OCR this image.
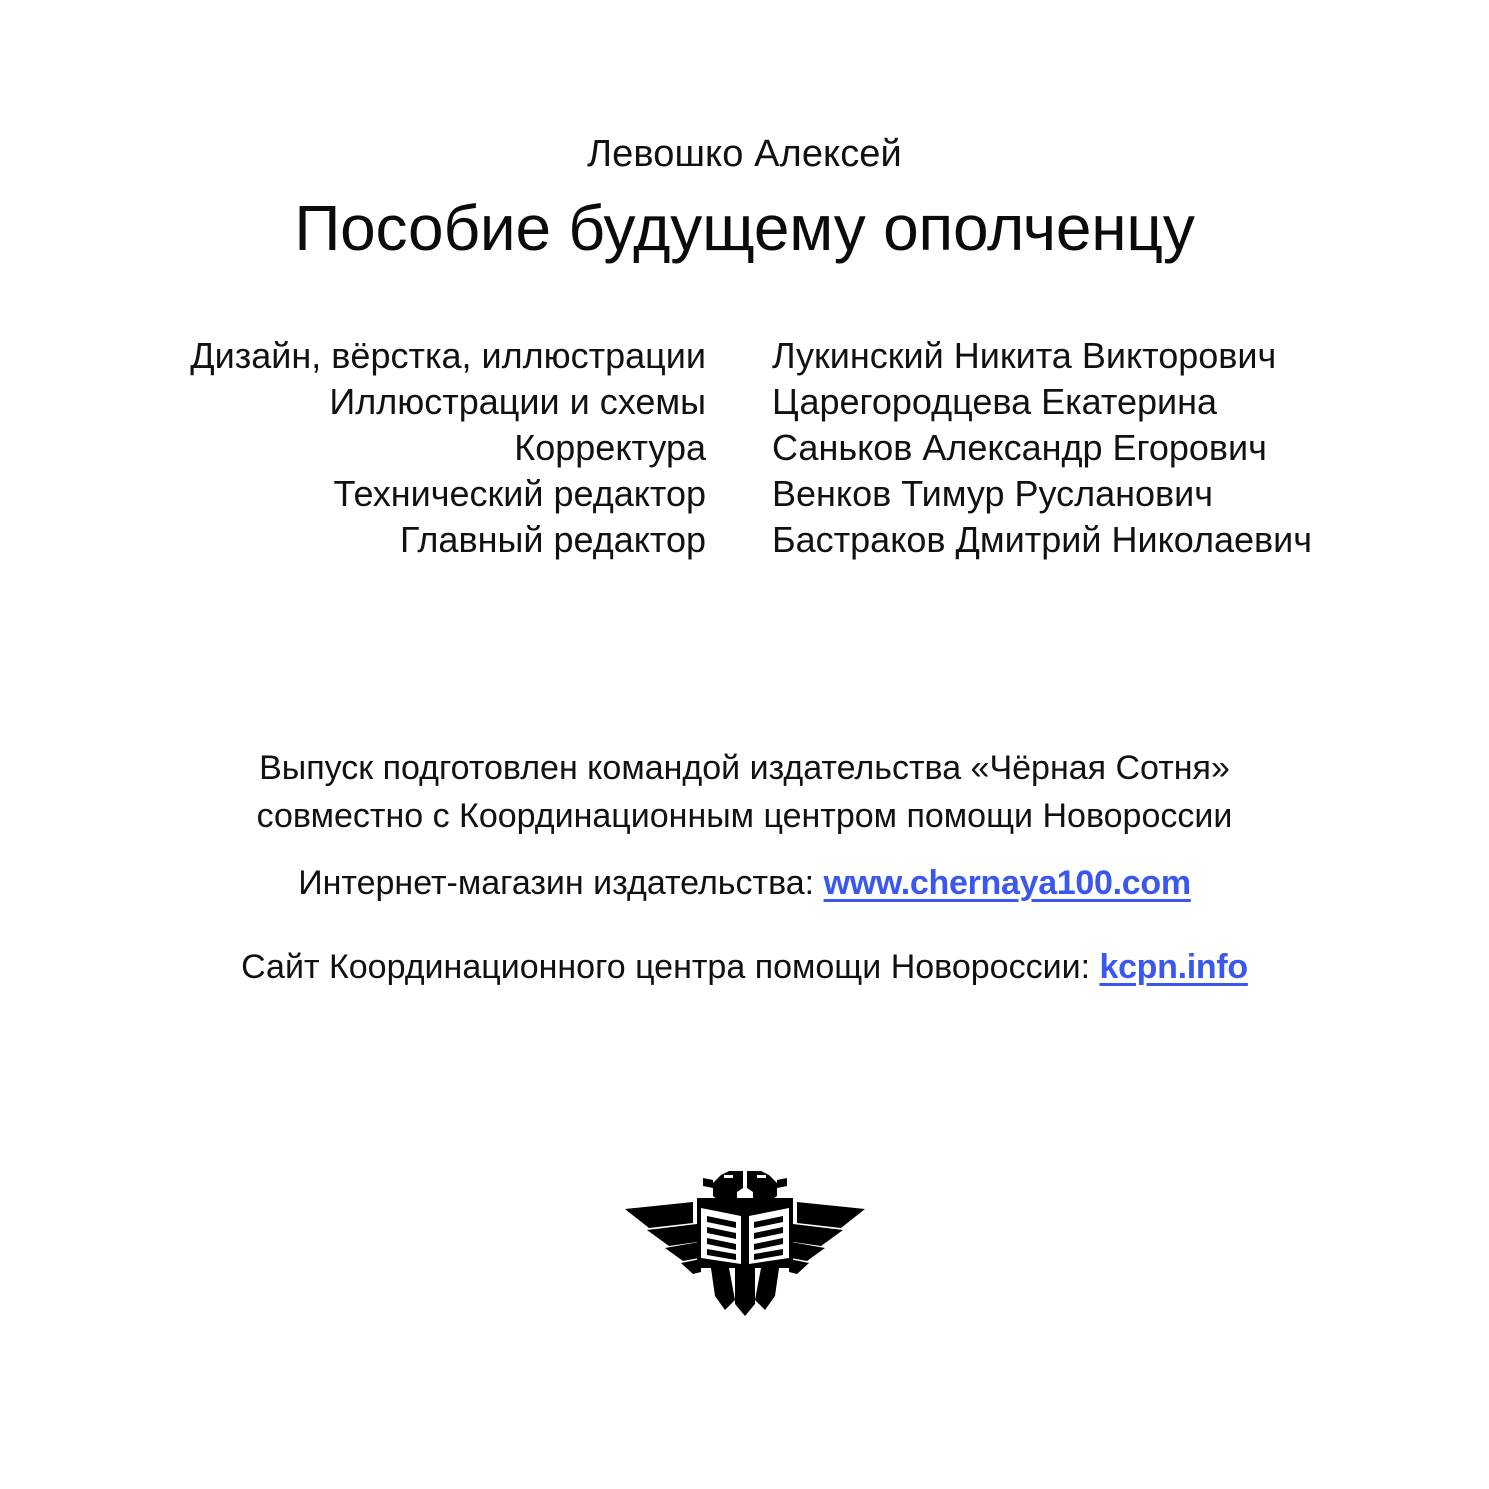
Левошко Алексей
Пособие будущему ополченцу
Дизайн, вёрстка, иллюстрации	Лукинский Никита Викторович
Иллюстрации и схемы	Царегородцева Екатерина
Корректура	Саньков Александр Егорович
Технический редактор	Венков Тимур Русланович
Главный редактор	Бастраков Дмитрий Николаевич

Выпуск подготовлен командой издательства «Чёрная Сотня»

совместно с Координационным центром помощи Новороссии

Интернет-магазин издательства: www.chernaya100.com

Сайт Координационного центра помощи Новороссии: kcpn.info
